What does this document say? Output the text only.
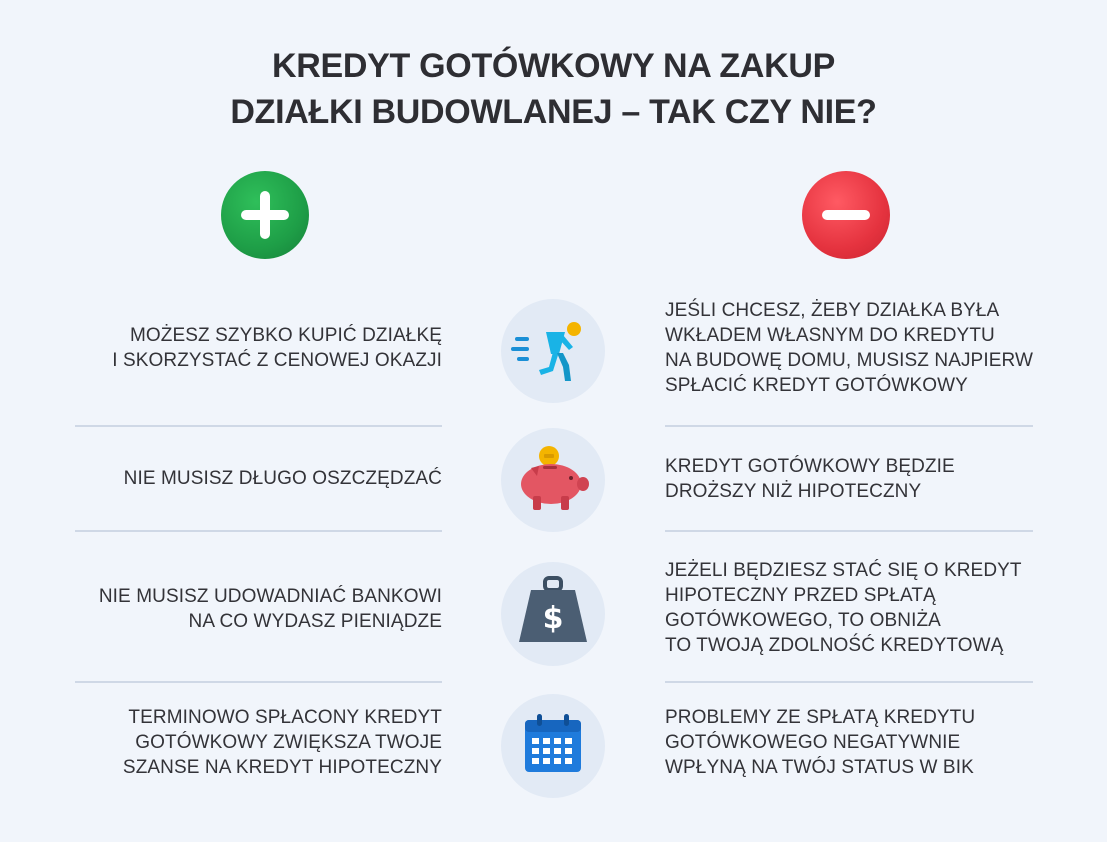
KREDYT GOTÓWKOWY NA ZAKUP
DZIAŁKI BUDOWLANEJ – TAK CZY NIE?
MOŻESZ SZYBKO KUPIĆ DZIAŁKĘ
I SKORZYSTAĆ Z CENOWEJ OKAZJI
JEŚLI CHCESZ, ŻEBY DZIAŁKA BYŁA
WKŁADEM WŁASNYM DO KREDYTU
NA BUDOWĘ DOMU, MUSISZ NAJPIERW
SPŁACIĆ KREDYT GOTÓWKOWY
NIE MUSISZ DŁUGO OSZCZĘDZAĆ
KREDYT GOTÓWKOWY BĘDZIE
DROŻSZY NIŻ HIPOTECZNY
NIE MUSISZ UDOWADNIAĆ BANKOWI
NA CO WYDASZ PIENIĄDZE	$
JEŻELI BĘDZIESZ STAĆ SIĘ O KREDYT
HIPOTECZNY PRZED SPŁATĄ
GOTÓWKOWEGO, TO OBNIŻA
TO TWOJĄ ZDOLNOŚĆ KREDYTOWĄ
TERMINOWO SPŁACONY KREDYT
GOTÓWKOWY ZWIĘKSZA TWOJE
SZANSE NA KREDYT HIPOTECZNY
PROBLEMY ZE SPŁATĄ KREDYTU
GOTÓWKOWEGO NEGATYWNIE
WPŁYNĄ NA TWÓJ STATUS W BIK
